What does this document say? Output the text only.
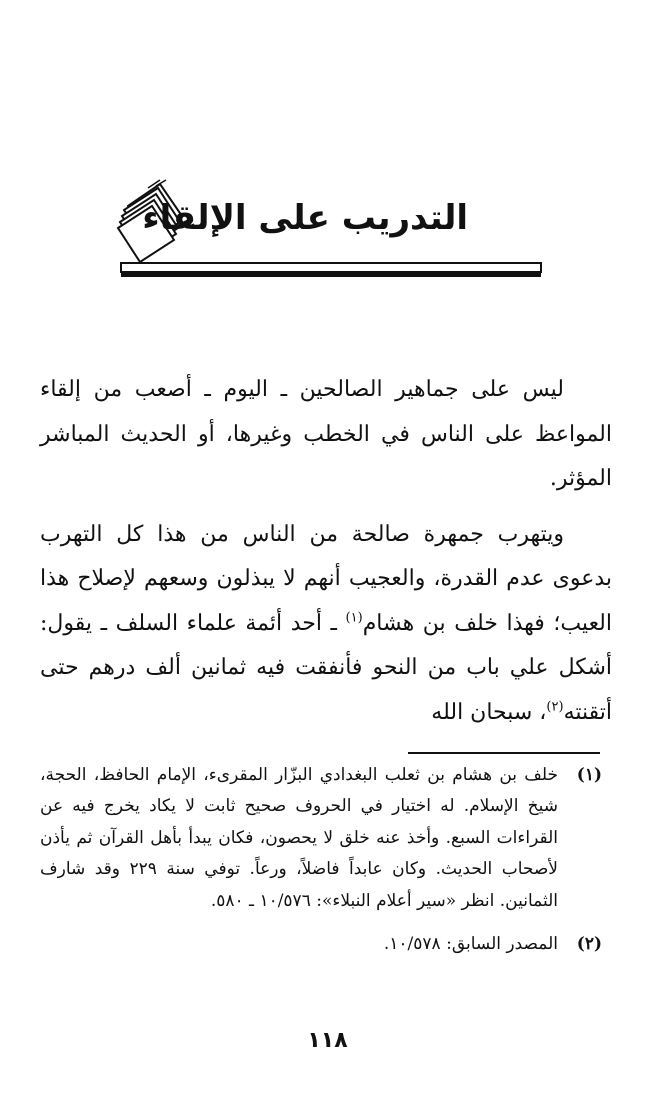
التدريب على الإلقاء

ليس على جماهير الصالحين ـ اليوم ـ أصعب من إلقاء المواعظ على الناس في الخطب وغيرها، أو الحديث المباشر المؤثر.

ويتهرب جمهرة صالحة من الناس من هذا كل التهرب بدعوى عدم القدرة، والعجيب أنهم لا يبذلون وسعهم لإصلاح هذا العيب؛ فهذا خلف بن هشام$^{(١)}$ ـ أحد أئمة علماء السلف ـ يقول: أشكل علي باب من النحو فأنفقت فيه ثمانين ألف درهم حتى أتقنته$^{(٢)}$، سبحان الله

(١)
خلف بن هشام بن ثعلب البغدادي البزّار المقرىء، الإمام الحافظ، الحجة، شيخ الإسلام. له اختيار في الحروف صحيح ثابت لا يكاد يخرج فيه عن القراءات السبع. وأخذ عنه خلق لا يحصون، فكان يبدأ بأهل القرآن ثم يأذن لأصحاب الحديث. وكان عابداً فاضلاً، ورعاً. توفي سنة ٢٢٩ وقد شارف الثمانين. انظر «سير أعلام النبلاء»: ١٠/٥٧٦ ـ ٥٨٠.
(٢)
المصدر السابق: ١٠/٥٧٨.
١١٨
